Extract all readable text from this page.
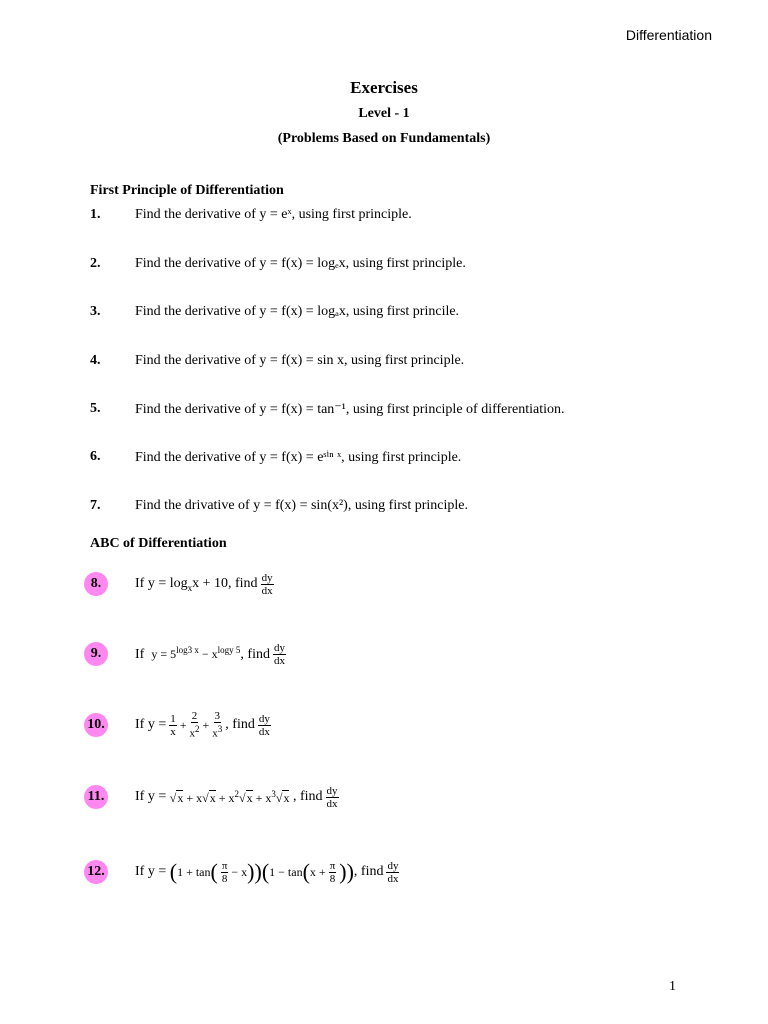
Differentiation
Exercises
Level - 1
(Problems Based on Fundamentals)
First Principle of Differentiation
1.	Find the derivative of y = eˣ, using first principle.
2.	Find the derivative of y = f(x) = logₑx, using first principle.
3.	Find the derivative of y = f(x) = logₐx, using first princile.
4.	Find the derivative of y = f(x) = sin x, using first principle.
5.	Find the derivative of y = f(x) = tan⁻¹, using first principle of differentiation.
6.	Find the derivative of y = f(x) = eˢⁱⁿ ˣ, using first principle.
7.	Find the drivative of y = f(x) = sin(x²), using first principle.
ABC of Differentiation
8.	If $y = \log_xx + 10$, find $\frac{dy}{dx}$
9.	If  $y = 5^{log3 x} - x^{logy 5}$, find $\frac{dy}{dx}$
10. If $y = \frac{1}{x} + \frac{2}{x^2} + \frac{3}{x^3}$ , find $\frac{dy}{dx}$
11. If $y = √x + x√x + x^2√x + x^3√x$ , find $\frac{dy}{dx}$
12. If y = ( 1 + tan ( $\frac{\pi}{8} - x$ ) ) ( 1 − tan ( $x + \frac{\pi}{8}$ ) ) , find $\frac{dy}{dx}$
1
